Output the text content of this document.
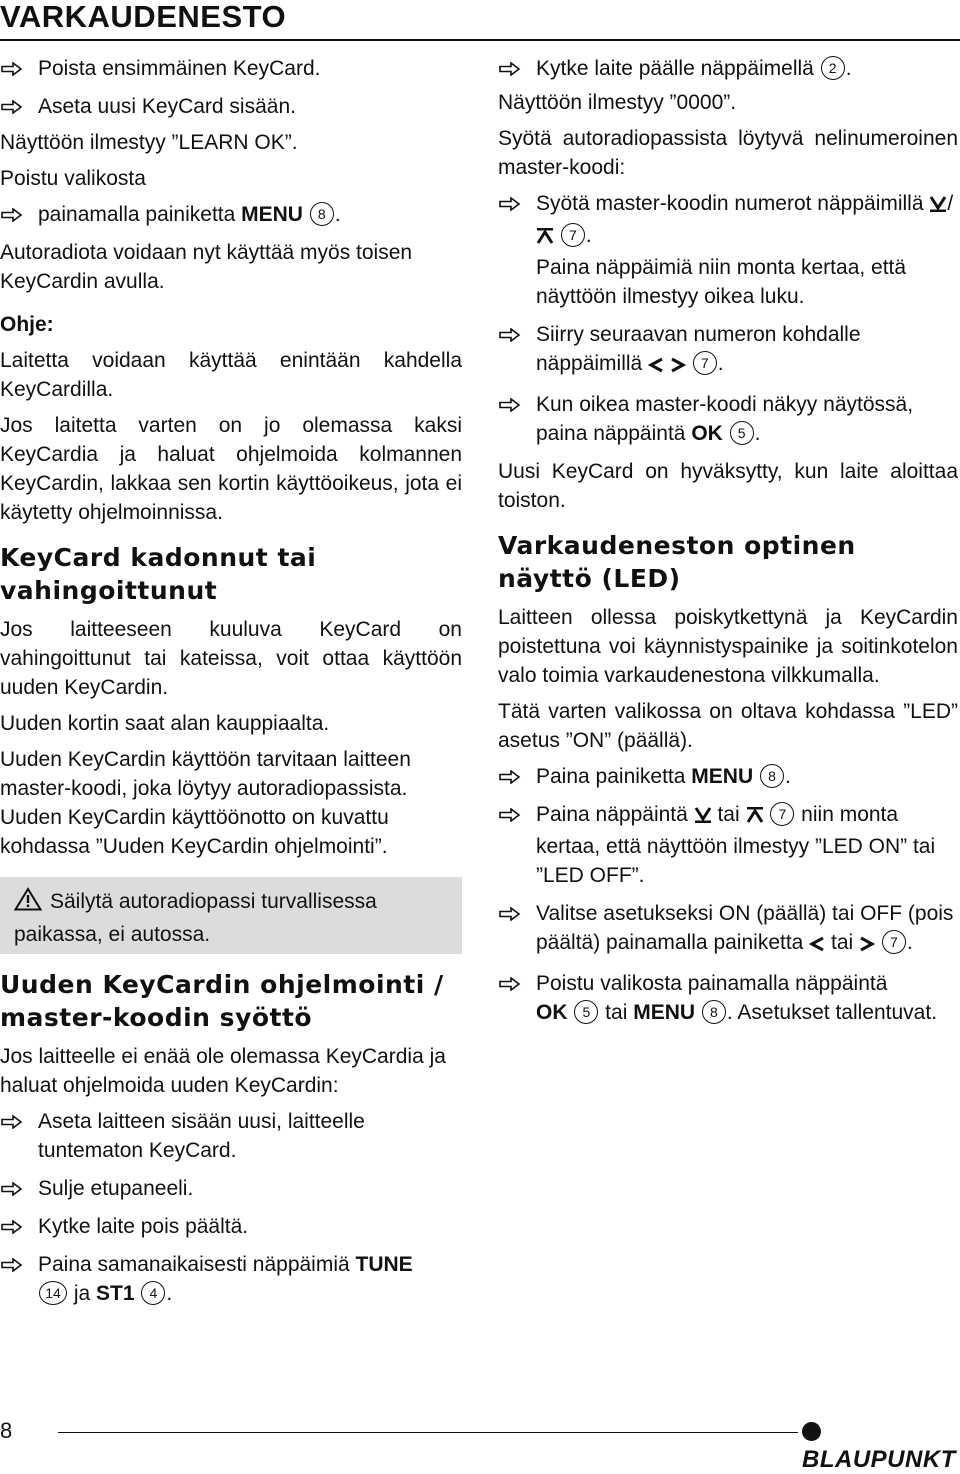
VARKAUDENESTO
Poista ensimmäinen KeyCard.
Aseta uusi KeyCard sisään.
Näyttöön ilmestyy ”LEARN OK”.
Poistu valikosta
painamalla painiketta MENU 8 .
Autoradiota voidaan nyt käyttää myös toisen KeyCardin avulla.
Ohje:
Laitetta voidaan käyttää enintään kahdella KeyCardilla.
Jos laitetta varten on jo olemassa kaksi KeyCardia ja haluat ohjelmoida kolmannen KeyCardin, lakkaa sen kortin käyttöoikeus, jota ei käytetty ohjelmoinnissa.
KeyCard kadonnut tai vahingoittunut
Jos laitteeseen kuuluva KeyCard on vahingoittunut tai kateissa, voit ottaa käyttöön uuden KeyCardin.
Uuden kortin saat alan kauppiaalta.
Uuden KeyCardin käyttöön tarvitaan laitteen master-koodi, joka löytyy autoradiopassista. Uuden KeyCardin käyttöönotto on kuvattu kohdassa ”Uuden KeyCardin ohjelmointi”.
Säilytä autoradiopassi turvallisessa paikassa, ei autossa.
Uuden KeyCardin ohjelmointi / master-koodin syöttö
Jos laitteelle ei enää ole olemassa KeyCardia ja haluat ohjelmoida uuden KeyCardin:
Aseta laitteen sisään uusi, laitteelle tuntematon KeyCard.
Sulje etupaneeli.
Kytke laite pois päältä.
Paina samanaikaisesti näppäimiä TUNE
14 ja ST1 4 .
Kytke laite päälle näppäimellä 2 .
Näyttöön ilmestyy ”0000”.
Syötä autoradiopassista löytyvä nelinumeroinen master-koodi:
Syötä master-koodin numerot näppäimillä /  7 .
Paina näppäimiä niin monta kertaa, että näyttöön ilmestyy oikea luku.
Siirry seuraavan numeron kohdalle näppäimillä	7 .
Kun oikea master-koodi näkyy näytössä, paina näppäintä OK 5 .
Uusi KeyCard on hyväksytty, kun laite aloittaa toiston.
Varkaudeneston optinen näyttö (LED)
Laitteen ollessa poiskytkettynä ja KeyCardin poistettuna voi käynnistyspainike ja soitinkotelon valo toimia varkaudenestona vilkkumalla.
Tätä varten valikossa on oltava kohdassa ”LED” asetus ”ON” (päällä).
Paina painiketta MENU 8 .
Paina näppäintä  tai  7 niin monta kertaa, että näyttöön ilmestyy ”LED ON” tai ”LED OFF”.
Valitse asetukseksi ON (päällä) tai OFF (pois päältä) painamalla painiketta  tai  7 .
Poistu valikosta painamalla näppäintä
OK 5 tai MENU 8 . Asetukset tallentuvat.
8
BLAUPUNKT
